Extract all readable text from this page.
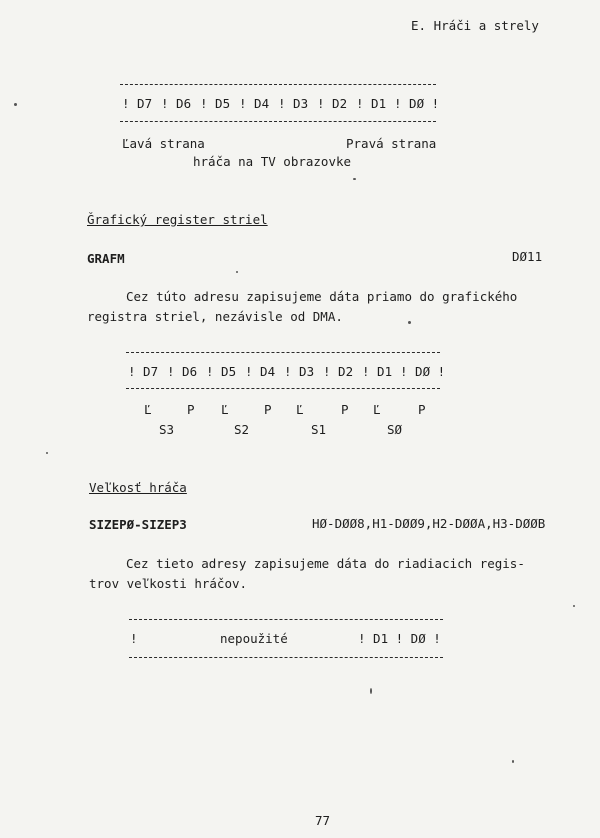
E. Hráči a strely
! D7 ! D6 ! D5 ! D4 ! D3 ! D2 ! D1 ! DØ !
Ľavá strana	Pravá strana
hráča na TV obrazovke
Ǧrafický register striel
GRAFM	DØ11
Cez túto adresu zapisujeme dáta priamo do grafického
registra striel, nezávisle od DMA.
! D7 ! D6 ! D5 ! D4 ! D3 ! D2 ! D1 ! DØ !
Ľ	P Ľ	P Ľ	P Ľ	P
S3	S2	S1	SØ
Veľkosť hráča
SIZEPØ-SIZEP3	HØ-DØØ8,H1-DØØ9,H2-DØØA,H3-DØØB
Cez tieto adresy zapisujeme dáta do riadiacich regis-
trov veľkosti hráčov.
!	nepoužité	! D1 ! DØ !
77
